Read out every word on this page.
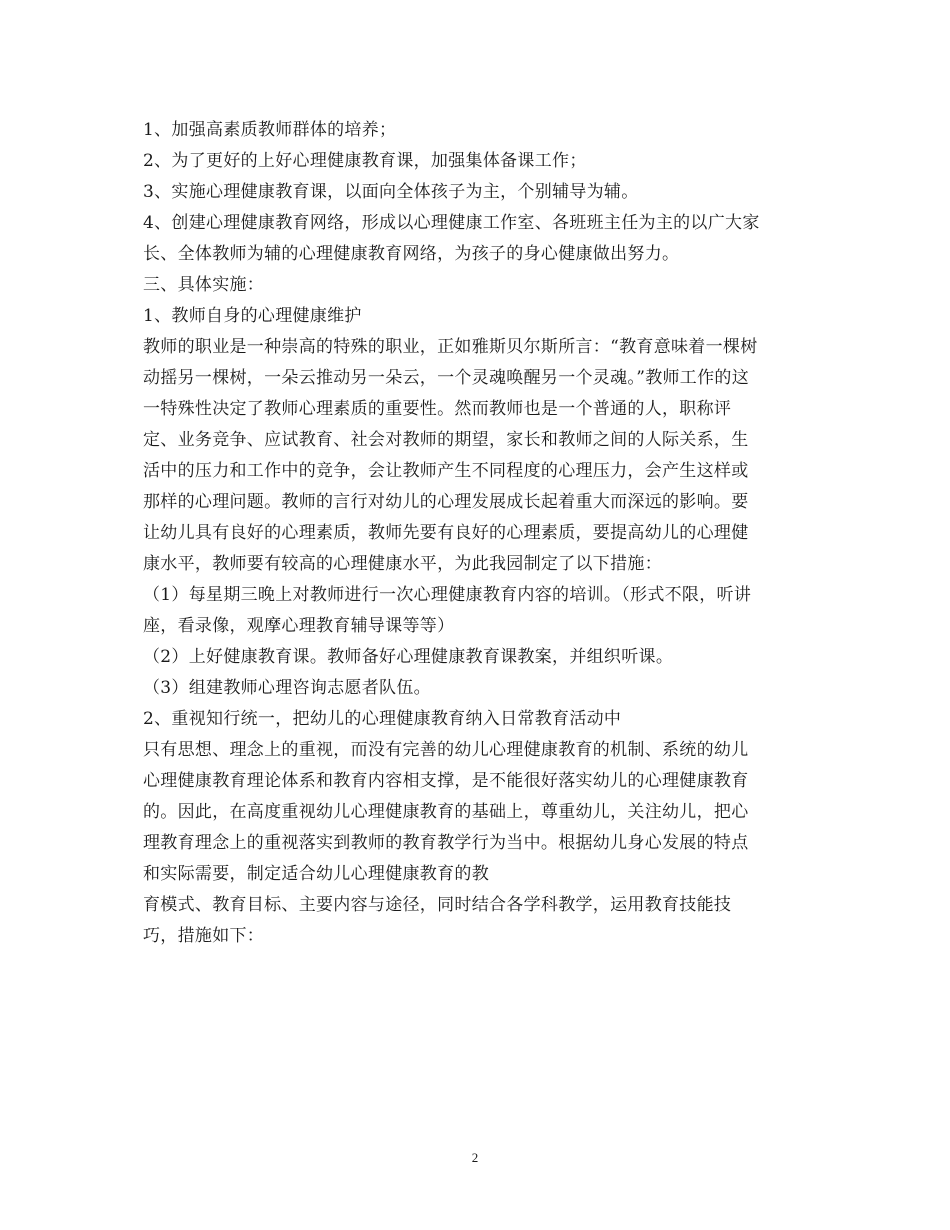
1、加强高素质教师群体的培养；
2、为了更好的上好心理健康教育课，加强集体备课工作；
3、实施心理健康教育课，以面向全体孩子为主，个别辅导为辅。
4、创建心理健康教育网络，形成以心理健康工作室、各班班主任为主的以广大家
长、全体教师为辅的心理健康教育网络，为孩子的身心健康做出努力。
三、具体实施：
1、教师自身的心理健康维护
教师的职业是一种崇高的特殊的职业，正如雅斯贝尔斯所言：“教育意味着一棵树
动摇另一棵树，一朵云推动另一朵云，一个灵魂唤醒另一个灵魂。”教师工作的这
一特殊性决定了教师心理素质的重要性。然而教师也是一个普通的人，职称评
定、业务竞争、应试教育、社会对教师的期望，家长和教师之间的人际关系，生
活中的压力和工作中的竞争，会让教师产生不同程度的心理压力，会产生这样或
那样的心理问题。教师的言行对幼儿的心理发展成长起着重大而深远的影响。要
让幼儿具有良好的心理素质，教师先要有良好的心理素质，要提高幼儿的心理健
康水平，教师要有较高的心理健康水平，为此我园制定了以下措施：
（1）每星期三晚上对教师进行一次心理健康教育内容的培训。（形式不限，听讲
座，看录像，观摩心理教育辅导课等等）
（2）上好健康教育课。教师备好心理健康教育课教案，并组织听课。
（3）组建教师心理咨询志愿者队伍。
2、重视知行统一，把幼儿的心理健康教育纳入日常教育活动中
只有思想、理念上的重视，而没有完善的幼儿心理健康教育的机制、系统的幼儿
心理健康教育理论体系和教育内容相支撑，是不能很好落实幼儿的心理健康教育
的。因此，在高度重视幼儿心理健康教育的基础上，尊重幼儿，关注幼儿，把心
理教育理念上的重视落实到教师的教育教学行为当中。根据幼儿身心发展的特点
和实际需要，制定适合幼儿心理健康教育的教
育模式、教育目标、主要内容与途径，同时结合各学科教学，运用教育技能技
巧，措施如下：
2
